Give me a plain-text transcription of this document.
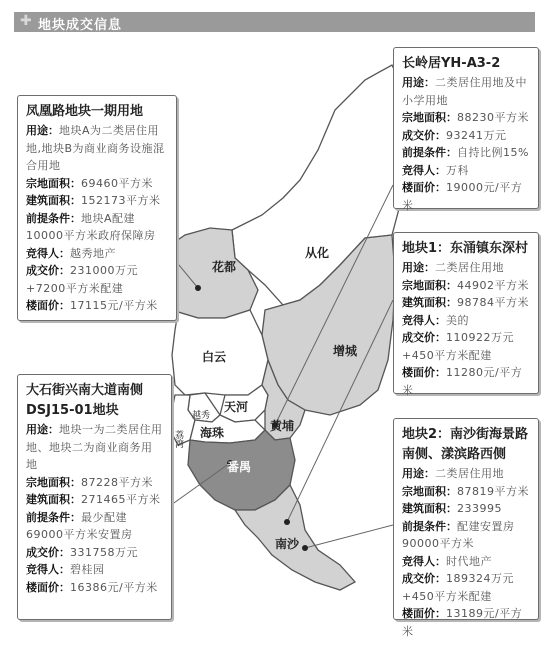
✚ 地块成交信息
花都
从化
白云	增城
天河
越秀
荔湾 海珠	黄埔
番禺
南沙
凤凰路地块一期用地
用途：地块A为二类居住用地,地块B为商业商务设施混合用地
宗地面积：69460平方米
建筑面积：152173平方米
前提条件：地块A配建10000平方米政府保障房
竞得人：越秀地产
成交价：231000万元+7200平方米配建
楼面价：17115元/平方米
长岭居YH-A3-2
用途：二类居住用地及中小学用地
宗地面积：88230平方米
成交价：93241万元
前提条件：自持比例15%
竞得人：万科
楼面价：19000元/平方米
地块1：东涌镇东深村
用途：二类居住用地
宗地面积：44902平方米
建筑面积：98784平方米
竞得人：美的
成交价：110922万元+450平方米配建
楼面价：11280元/平方米
大石街兴南大道南侧DSJ15-01地块
用途：地块一为二类居住用地、地块二为商业商务用地
宗地面积：87228平方米
建筑面积：271465平方米
前提条件：最少配建69000平方米安置房
成交价：331758万元
竞得人：碧桂园
楼面价：16386元/平方米
地块2：南沙街海景路南侧、漾滨路西侧
用途：二类居住用地
宗地面积：87819平方米
建筑面积：233995
前提条件：配建安置房90000平方米
竞得人：时代地产
成交价：189324万元+450平方米配建
楼面价：13189元/平方米
